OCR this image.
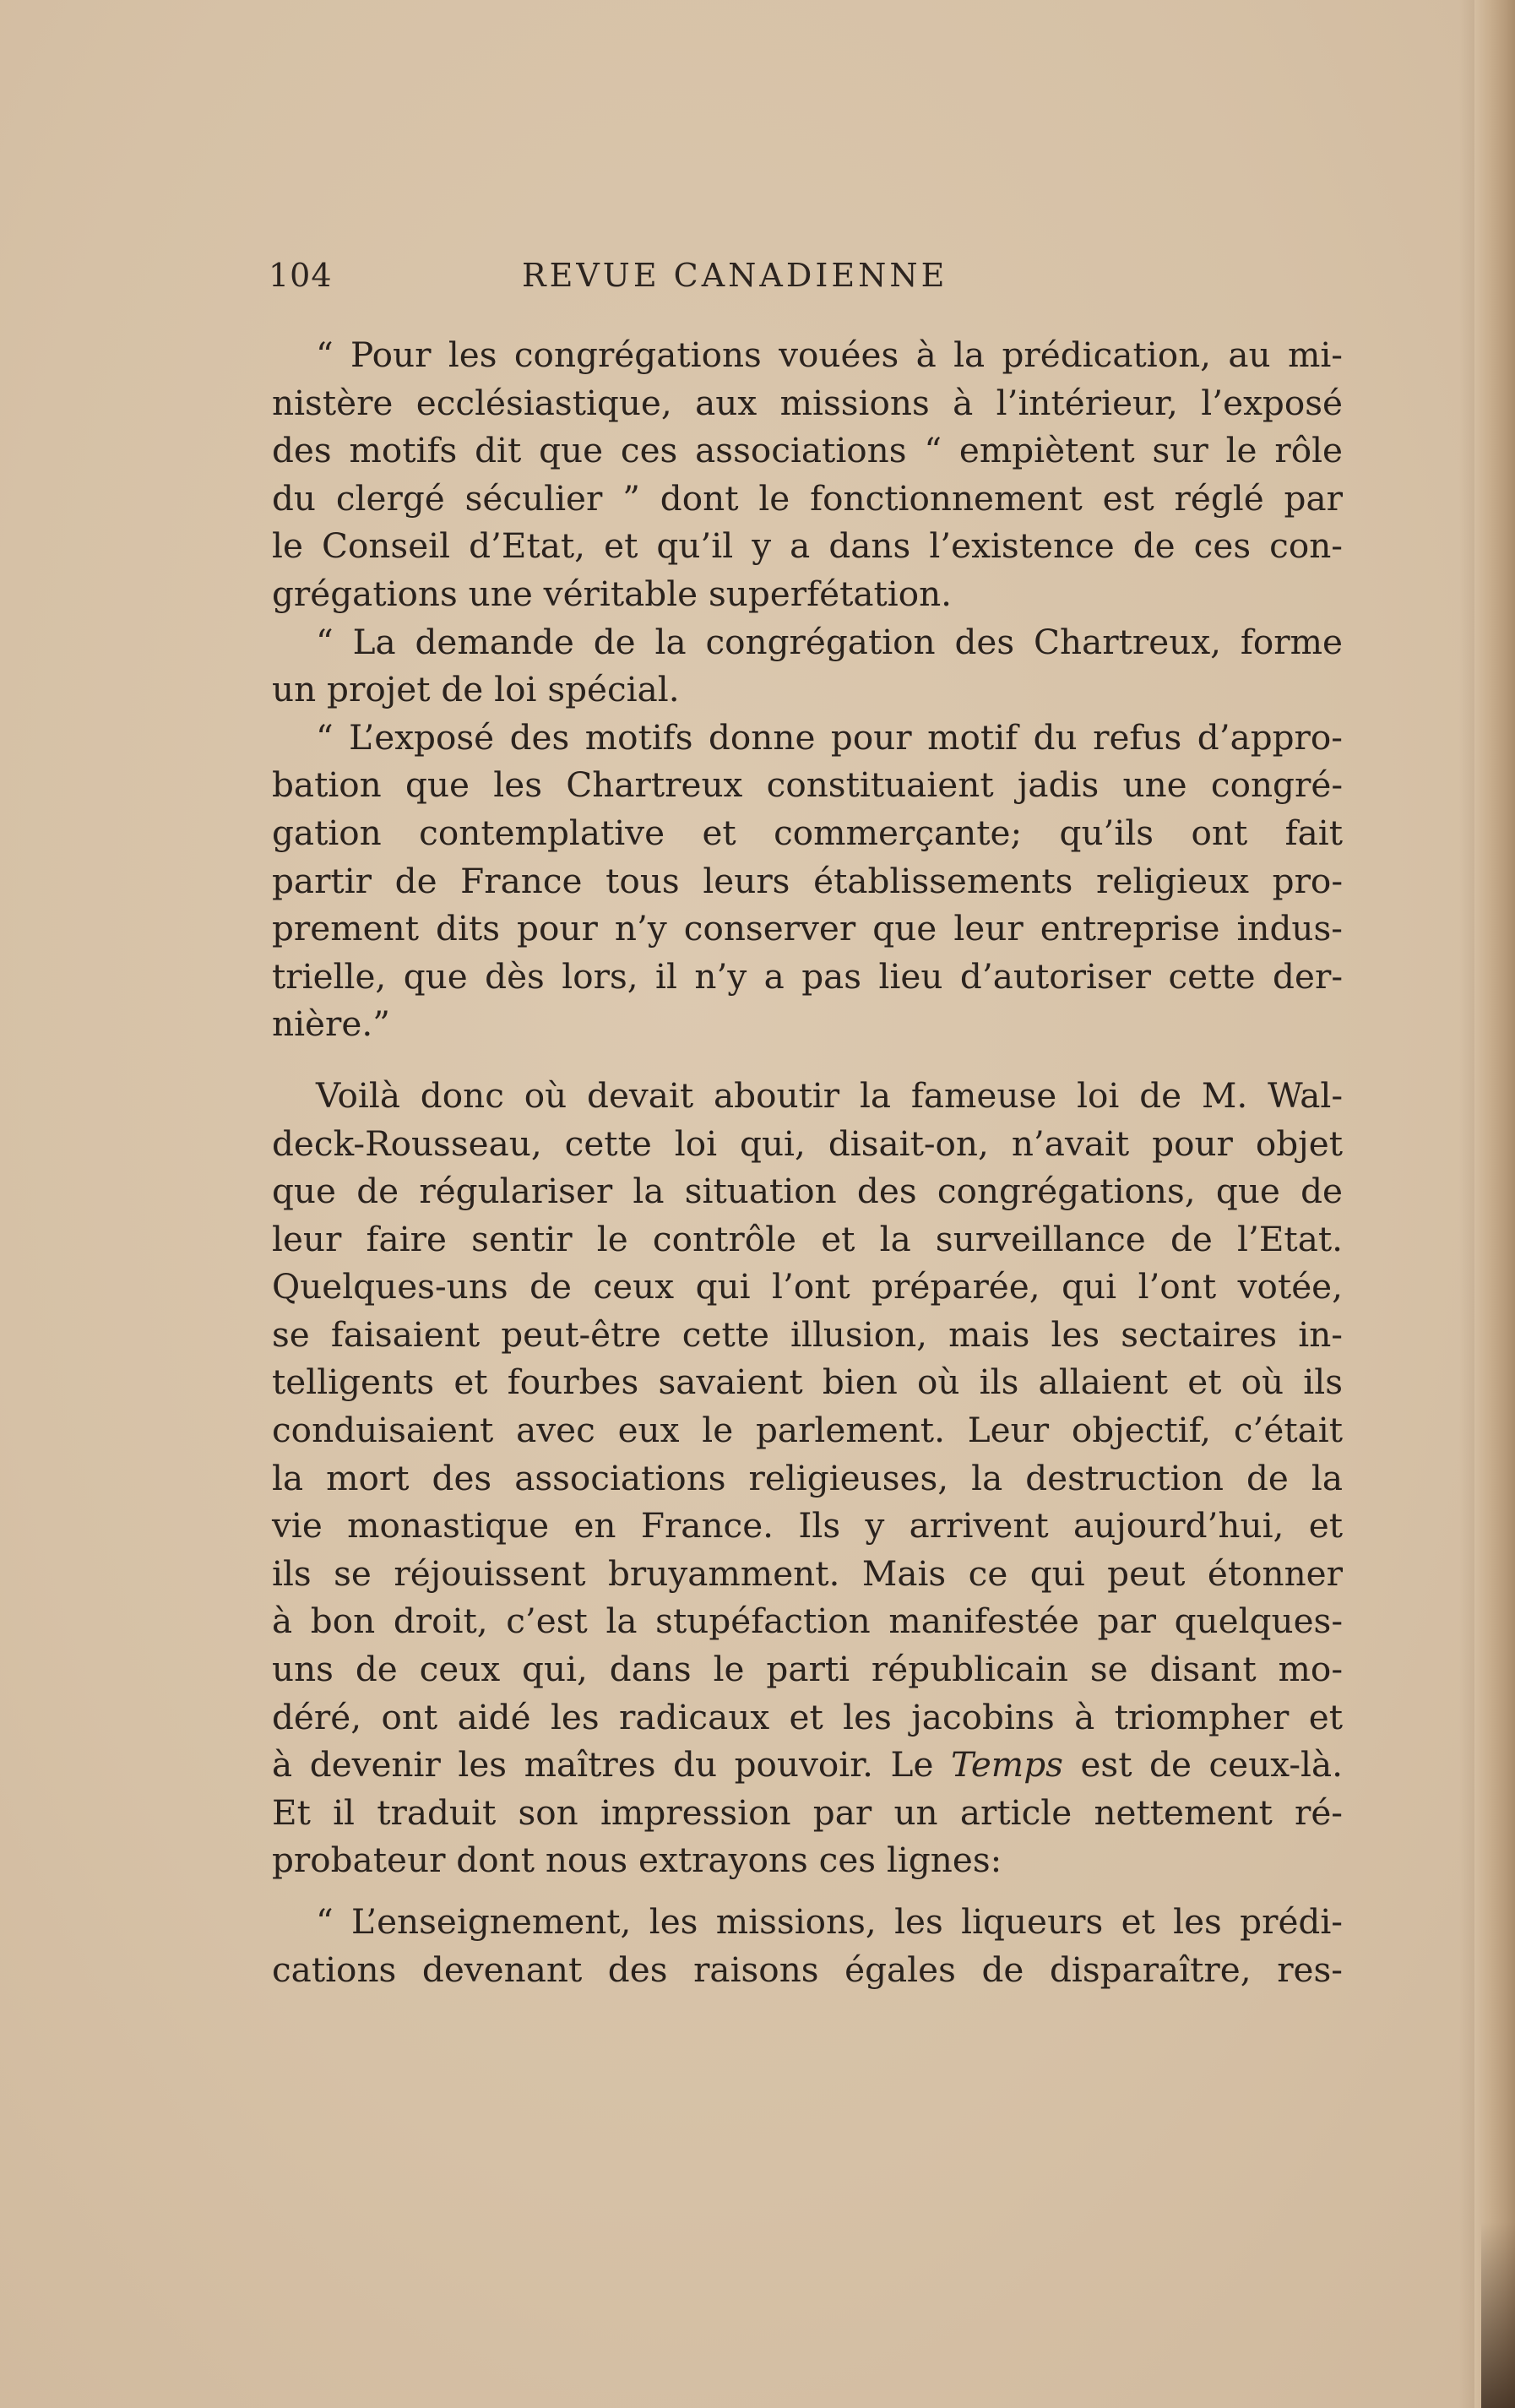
104	REVUE CANADIENNE
“ Pour les congrégations vouées à la prédication, au mi-
nistère ecclésiastique, aux missions à l’intérieur, l’exposé
des motifs dit que ces associations “ empiètent sur le rôle
du clergé séculier ” dont le fonctionnement est réglé par
le Conseil d’Etat, et qu’il y a dans l’existence de ces con-
grégations une véritable superfétation.
“ La demande de la congrégation des Chartreux, forme
un projet de loi spécial.
“ L’exposé des motifs donne pour motif du refus d’appro-
bation que les Chartreux constituaient jadis une congré-
gation contemplative et commerçante; qu’ils ont fait
partir de France tous leurs établissements religieux pro-
prement dits pour n’y conserver que leur entreprise indus-
trielle, que dès lors, il n’y a pas lieu d’autoriser cette der-
nière.”
Voilà donc où devait aboutir la fameuse loi de M. Wal-
deck-Rousseau, cette loi qui, disait-on, n’avait pour objet
que de régulariser la situation des congrégations, que de
leur faire sentir le contrôle et la surveillance de l’Etat.
Quelques-uns de ceux qui l’ont préparée, qui l’ont votée,
se faisaient peut-être cette illusion, mais les sectaires in-
telligents et fourbes savaient bien où ils allaient et où ils
conduisaient avec eux le parlement. Leur objectif, c’était
la mort des associations religieuses, la destruction de la
vie monastique en France. Ils y arrivent aujourd’hui, et
ils se réjouissent bruyamment. Mais ce qui peut étonner
à bon droit, c’est la stupéfaction manifestée par quelques-
uns de ceux qui, dans le parti républicain se disant mo-
déré, ont aidé les radicaux et les jacobins à triompher et
à devenir les maîtres du pouvoir. Le Temps est de ceux-là.
Et il traduit son impression par un article nettement ré-
probateur dont nous extrayons ces lignes:
“ L’enseignement, les missions, les liqueurs et les prédi-
cations devenant des raisons égales de disparaître, res-
